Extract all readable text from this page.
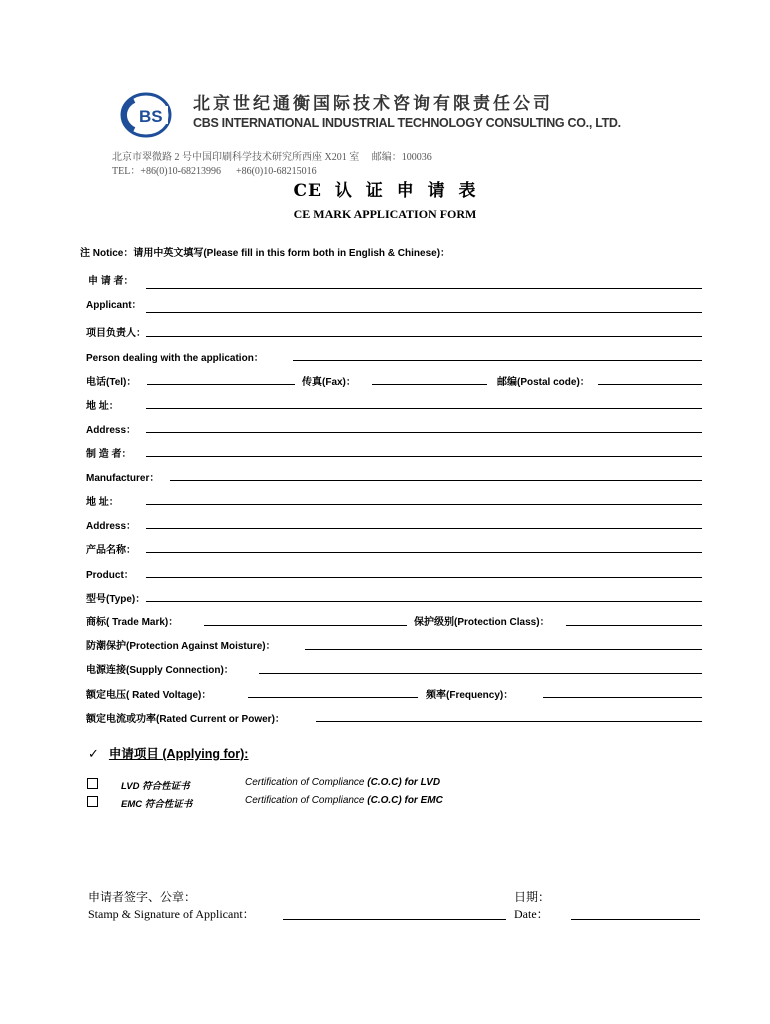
BS
北京世纪通衡国际技术咨询有限责任公司
CBS INTERNATIONAL INDUSTRIAL TECHNOLOGY CONSULTING CO., LTD.
北京市翠微路 2 号中国印刷科学技术研究所西座 X201 室     邮编：100036
TEL：+86(0)10-68213996      +86(0)10-68215016
CE 认 证 申 请 表
CE MARK APPLICATION FORM
注 Notice：请用中英文填写(Please fill in this form both in English & Chinese)：
申 请 者：
Applicant：
项目负责人：
Person dealing with the application：
电话(Tel)：	传真(Fax)：	邮编(Postal code)：
地 址：
Address：
制 造 者：
Manufacturer：
地 址：
Address：
产品名称：
Product：
型号(Type)：
商标( Trade Mark)：	保护级别(Protection Class)：
防潮保护(Protection Against Moisture)：
电源连接(Supply Connection)：
额定电压( Rated Voltage)：	频率(Frequency)：
额定电流或功率(Rated Current or Power)：
✓ 申请项目 (Applying for):
LVD 符合性证书	Certification of Compliance (C.O.C) for LVD
EMC 符合性证书	Certification of Compliance (C.O.C) for EMC
申请者签字、公章：
Stamp & Signature of Applicant：
日期：
Date：
